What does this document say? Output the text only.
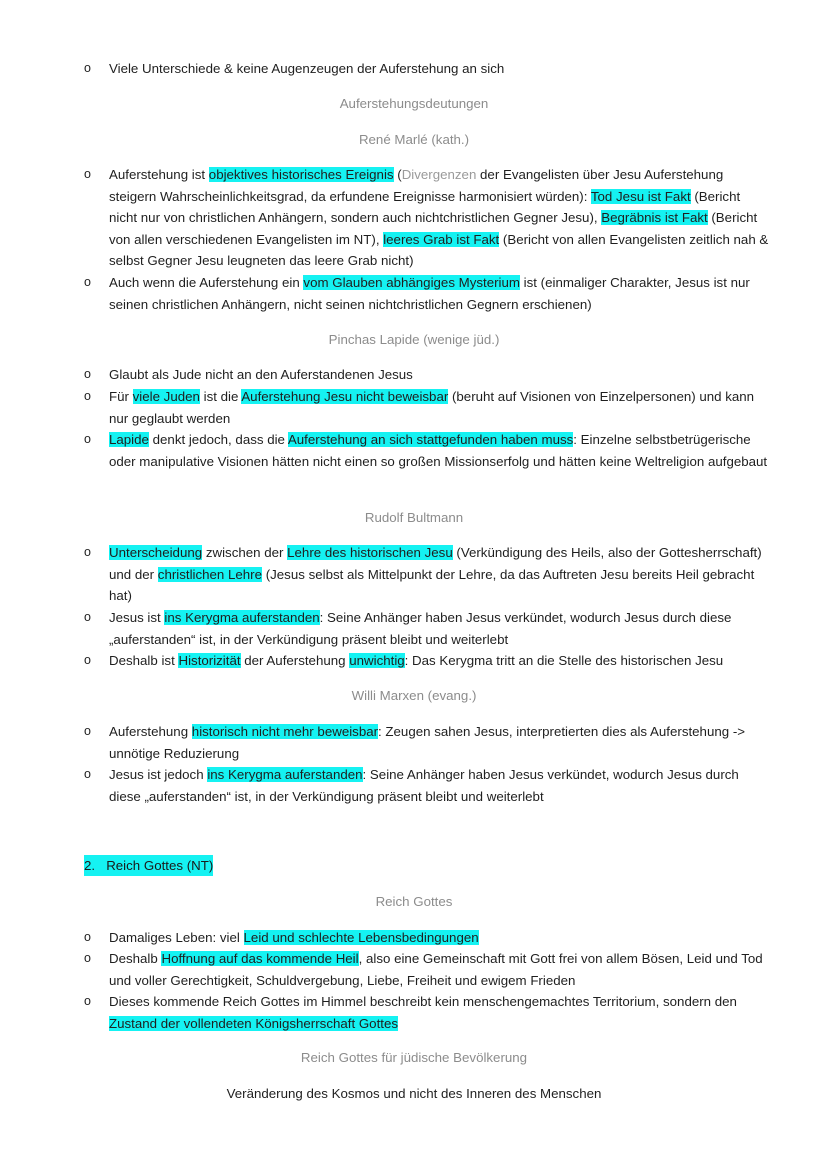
o	Viele Unterschiede & keine Augenzeugen der Auferstehung an sich
Auferstehungsdeutungen
René Marlé (kath.)
o	Auferstehung ist objektives historisches Ereignis (Divergenzen der Evangelisten über Jesu Auferstehung steigern Wahrscheinlichkeitsgrad, da erfundene Ereignisse harmonisiert würden): Tod Jesu ist Fakt (Bericht nicht nur von christlichen Anhängern, sondern auch nichtchristlichen Gegner Jesu), Begräbnis ist Fakt (Bericht von allen verschiedenen Evangelisten im NT), leeres Grab ist Fakt (Bericht von allen Evangelisten zeitlich nah & selbst Gegner Jesu leugneten das leere Grab nicht)
o	Auch wenn die Auferstehung ein vom Glauben abhängiges Mysterium ist (einmaliger Charakter, Jesus ist nur seinen christlichen Anhängern, nicht seinen nichtchristlichen Gegnern erschienen)
Pinchas Lapide (wenige jüd.)
o	Glaubt als Jude nicht an den Auferstandenen Jesus
o	Für viele Juden ist die Auferstehung Jesu nicht beweisbar (beruht auf Visionen von Einzelpersonen) und kann nur geglaubt werden
o	Lapide denkt jedoch, dass die Auferstehung an sich stattgefunden haben muss: Einzelne selbstbetrügerische oder manipulative Visionen hätten nicht einen so großen Missionserfolg und hätten keine Weltreligion aufgebaut
Rudolf Bultmann
o	Unterscheidung zwischen der Lehre des historischen Jesu (Verkündigung des Heils, also der Gottesherrschaft) und der christlichen Lehre (Jesus selbst als Mittelpunkt der Lehre, da das Auftreten Jesu bereits Heil gebracht hat)
o	Jesus ist ins Kerygma auferstanden: Seine Anhänger haben Jesus verkündet, wodurch Jesus durch diese „auferstanden“ ist, in der Verkündigung präsent bleibt und weiterlebt
o	Deshalb ist Historizität der Auferstehung unwichtig: Das Kerygma tritt an die Stelle des historischen Jesu
Willi Marxen (evang.)
o	Auferstehung historisch nicht mehr beweisbar: Zeugen sahen Jesus, interpretierten dies als Auferstehung -> unnötige Reduzierung
o	Jesus ist jedoch ins Kerygma auferstanden: Seine Anhänger haben Jesus verkündet, wodurch Jesus durch diese „auferstanden“ ist, in der Verkündigung präsent bleibt und weiterlebt
2. Reich Gottes (NT)
Reich Gottes
o	Damaliges Leben: viel Leid und schlechte Lebensbedingungen
o	Deshalb Hoffnung auf das kommende Heil, also eine Gemeinschaft mit Gott frei von allem Bösen, Leid und Tod und voller Gerechtigkeit, Schuldvergebung, Liebe, Freiheit und ewigem Frieden
o	Dieses kommende Reich Gottes im Himmel beschreibt kein menschengemachtes Territorium, sondern den Zustand der vollendeten Königsherrschaft Gottes
Reich Gottes für jüdische Bevölkerung
Veränderung des Kosmos und nicht des Inneren des Menschen
